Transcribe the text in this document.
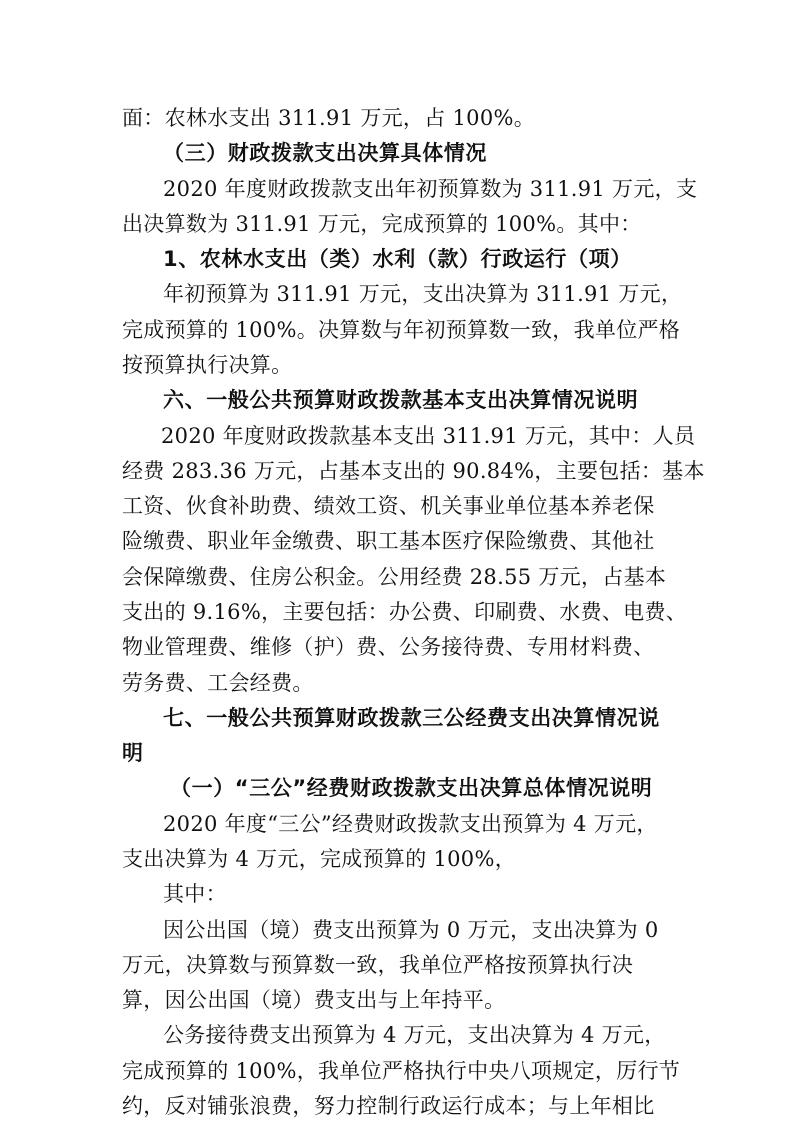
面：农林水支出 311.91 万元，占 100%。
（三）财政拨款支出决算具体情况
2020 年度财政拨款支出年初预算数为 311.91 万元，支
出决算数为 311.91 万元，完成预算的 100%。其中：
1、农林水支出（类）水利（款）行政运行（项）
年初预算为 311.91 万元，支出决算为 311.91 万元，
完成预算的 100%。决算数与年初预算数一致，我单位严格
按预算执行决算。
六、一般公共预算财政拨款基本支出决算情况说明
2020 年度财政拨款基本支出 311.91 万元，其中：人员
经费 283.36 万元，占基本支出的 90.84%，主要包括：基本
工资、伙食补助费、绩效工资、机关事业单位基本养老保
险缴费、职业年金缴费、职工基本医疗保险缴费、其他社
会保障缴费、住房公积金。公用经费 28.55 万元，占基本
支出的 9.16%，主要包括：办公费、印刷费、水费、电费、
物业管理费、维修（护）费、公务接待费、专用材料费、
劳务费、工会经费。
七、一般公共预算财政拨款三公经费支出决算情况说
明
（一）“三公”经费财政拨款支出决算总体情况说明
2020 年度“三公”经费财政拨款支出预算为 4 万元，
支出决算为 4 万元，完成预算的 100%，
其中：
因公出国（境）费支出预算为 0 万元，支出决算为 0
万元，决算数与预算数一致，我单位严格按预算执行决
算，因公出国（境）费支出与上年持平。
公务接待费支出预算为 4 万元，支出决算为 4 万元，
完成预算的 100%，我单位严格执行中央八项规定，厉行节
约，反对铺张浪费，努力控制行政运行成本；与上年相比
